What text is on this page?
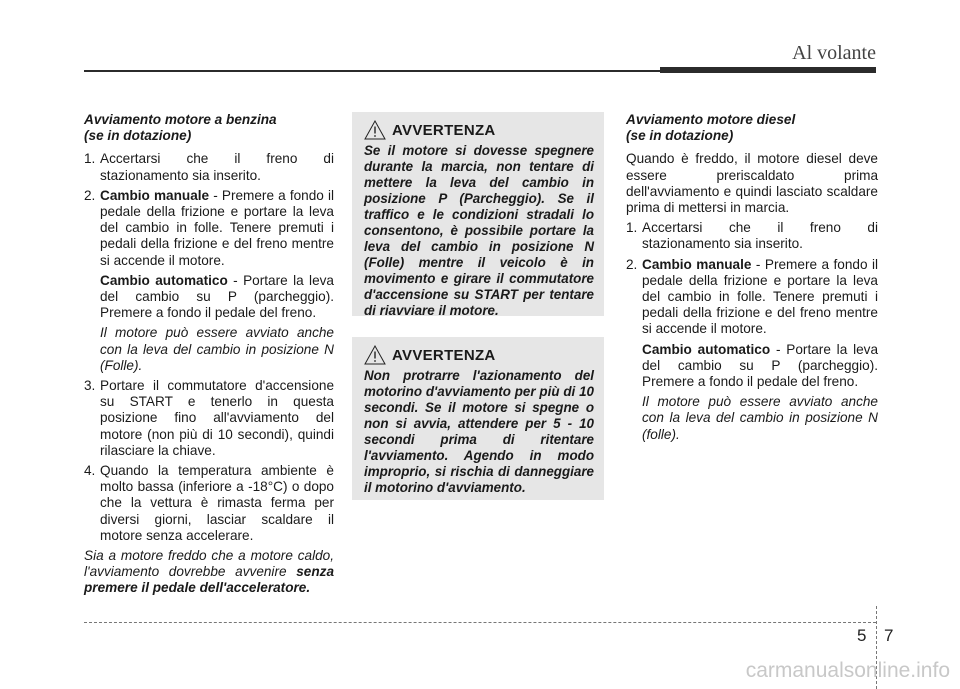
Al volante
Avviamento motore a benzina
(se in dotazione)
1. Accertarsi che il freno di stazionamento sia inserito.
2. Cambio manuale - Premere a fondo il pedale della frizione e portare la leva del cambio in folle. Tenere premuti i pedali della frizione e del freno mentre si accende il motore.

Cambio automatico - Portare la leva del cambio su P (parcheggio). Premere a fondo il pedale del freno.

Il motore può essere avviato anche con la leva del cambio in posizione N (Folle).

3. Portare il commutatore d'accensione su START e tenerlo in questa posizione fino all'avviamento del motore (non più di 10 secondi), quindi rilasciare la chiave.
4. Quando la temperatura ambiente è molto bassa (inferiore a -18°C) o dopo che la vettura è rimasta ferma per diversi giorni, lasciar scaldare il motore senza accelerare.

Sia a motore freddo che a motore caldo, l'avviamento dovrebbe avvenire senza premere il pedale dell'acceleratore.

AVVERTENZA
Se il motore si dovesse spegnere durante la marcia, non tentare di mettere la leva del cambio in posizione P (Parcheggio). Se il traffico e le condizioni stradali lo consentono, è possibile portare la leva del cambio in posizione N (Folle) mentre il veicolo è in movimento e girare il commutatore d'accensione su START per tentare di riavviare il motore.
AVVERTENZA
Non protrarre l'azionamento del motorino d'avviamento per più di 10 secondi. Se il motore si spegne o non si avvia, attendere per 5 - 10 secondi prima di ritentare l'avviamento. Agendo in modo improprio, si rischia di danneggiare il motorino d'avviamento.
Avviamento motore diesel
(se in dotazione)

Quando è freddo, il motore diesel deve essere preriscaldato prima dell'avviamento e quindi lasciato scaldare prima di mettersi in marcia.

1. Accertarsi che il freno di stazionamento sia inserito.
2. Cambio manuale - Premere a fondo il pedale della frizione e portare la leva del cambio in folle. Tenere premuti i pedali della frizione e del freno mentre si accende il motore.

Cambio automatico - Portare la leva del cambio su P (parcheggio). Premere a fondo il pedale del freno.

Il motore può essere avviato anche con la leva del cambio in posizione N (folle).

5 7
carmanualsonline.info
